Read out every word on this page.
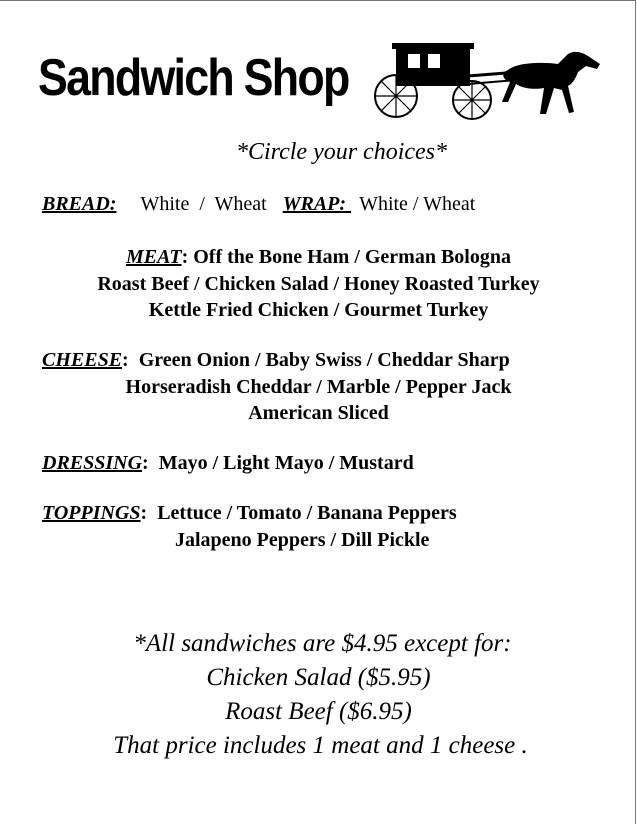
Sandwich Shop
*Circle your choices*
BREAD: White  /  Wheat WRAP: White / Wheat
MEAT: Off the Bone Ham / German Bologna
Roast Beef / Chicken Salad / Honey Roasted Turkey
Kettle Fried Chicken / Gourmet Turkey
CHEESE:  Green Onion / Baby Swiss / Cheddar Sharp
Horseradish Cheddar / Marble / Pepper Jack
American Sliced
DRESSING:  Mayo / Light Mayo / Mustard
TOPPINGS:  Lettuce / Tomato / Banana Peppers
Jalapeno Peppers / Dill Pickle
*All sandwiches are $4.95 except for:
Chicken Salad ($5.95)
Roast Beef ($6.95)
That price includes 1 meat and 1 cheese .
